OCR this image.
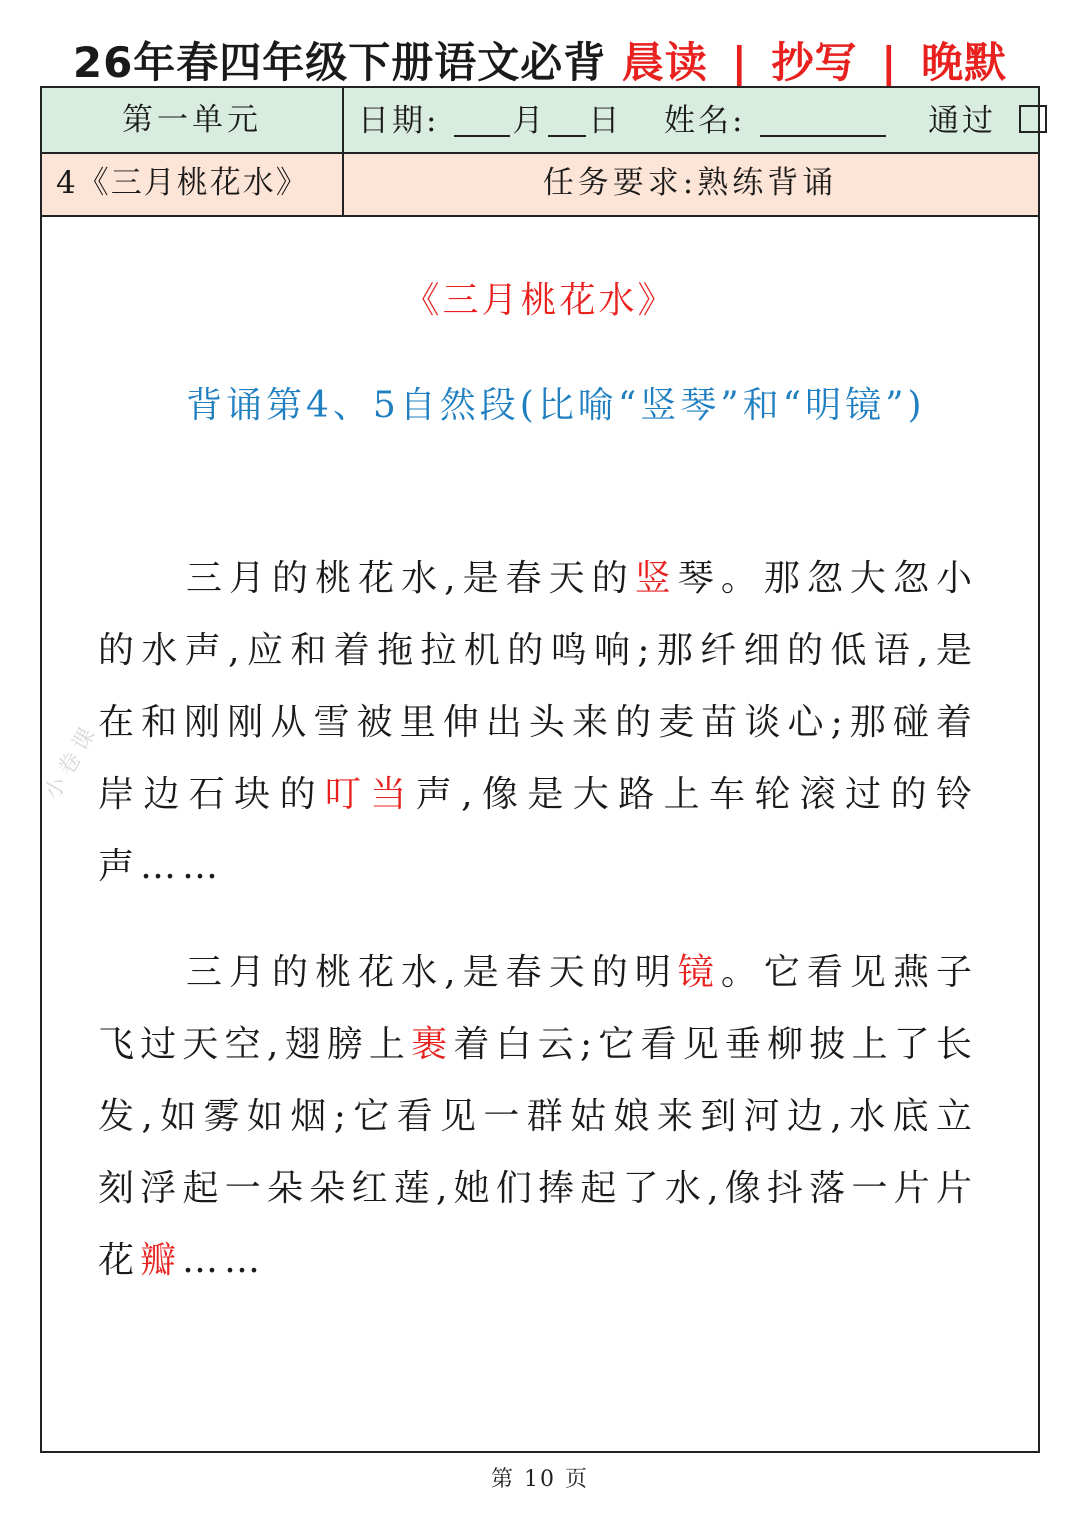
26年春四年级下册语文必背 晨读 | 抄写 | 晚默
第一单元	日期: 月 日 姓名:	通过
4《三月桃花水》	任务要求:熟练背诵
小卷课
《三月桃花水》
背诵第4、5自然段(比喻“竖琴”和“明镜”)
三月的桃花水,是春天的竖琴。那忽大忽小的水声,应和着拖拉机的鸣响;那纤细的低语,是在和刚刚从雪被里伸出头来的麦苗谈心;那碰着岸边石块的叮当声,像是大路上车轮滚过的铃声……
三月的桃花水,是春天的明镜。它看见燕子飞过天空,翅膀上裹着白云;它看见垂柳披上了长发,如雾如烟;它看见一群姑娘来到河边,水底立刻浮起一朵朵红莲,她们捧起了水,像抖落一片片花瓣……
第 10 页
